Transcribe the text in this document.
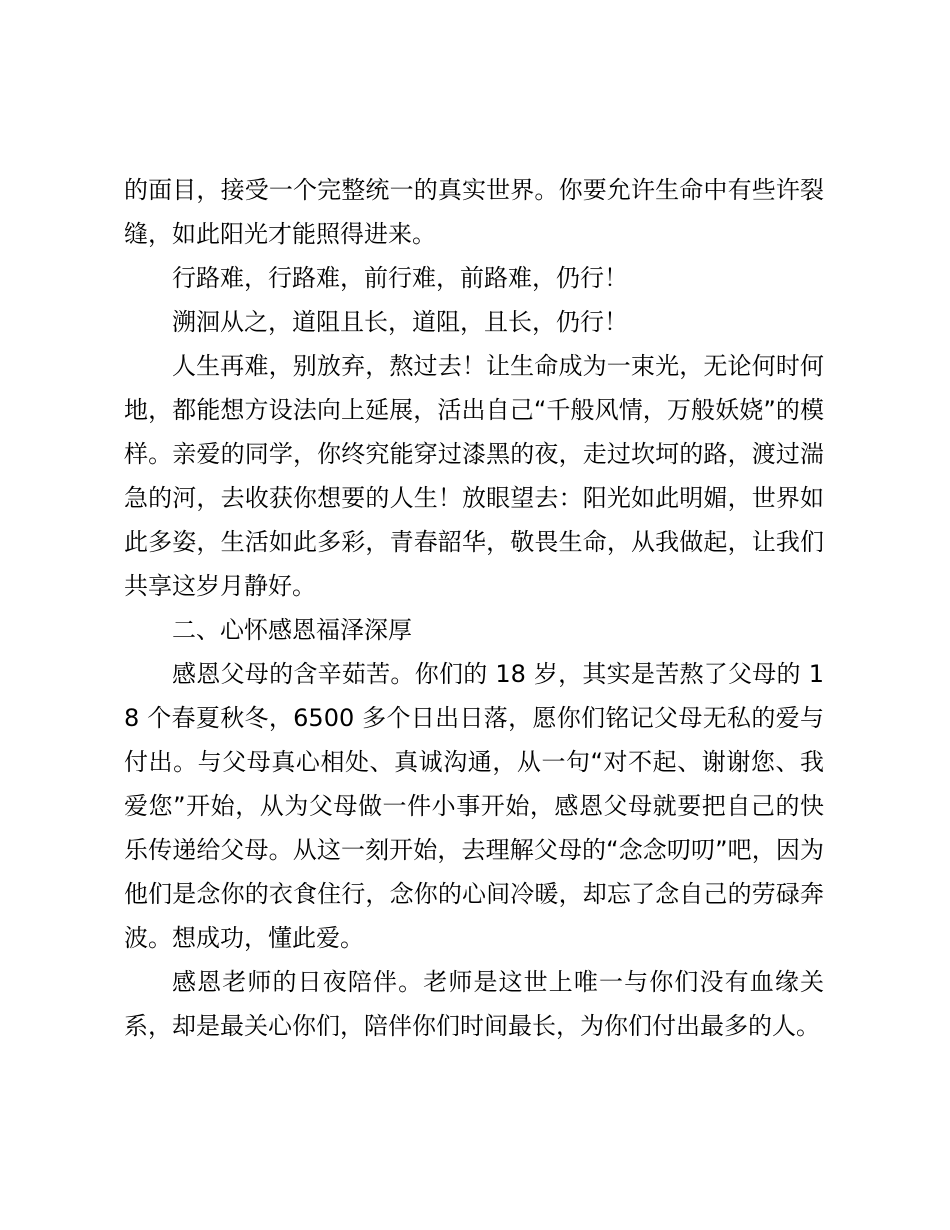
的面目，接受一个完整统一的真实世界。你要允许生命中有些许裂缝，如此阳光才能照得进来。

行路难，行路难，前行难，前路难，仍行！

溯洄从之，道阻且长，道阻，且长，仍行！

人生再难，别放弃，熬过去！让生命成为一束光，无论何时何地，都能想方设法向上延展，活出自己“千般风情，万般妖娆”的模样。亲爱的同学，你终究能穿过漆黑的夜，走过坎坷的路，渡过湍急的河，去收获你想要的人生！放眼望去：阳光如此明媚，世界如此多姿，生活如此多彩，青春韶华，敬畏生命，从我做起，让我们共享这岁月静好。

二、心怀感恩福泽深厚

感恩父母的含辛茹苦。你们的 18 岁，其实是苦熬了父母的 18 个春夏秋冬，6500 多个日出日落，愿你们铭记父母无私的爱与付出。与父母真心相处、真诚沟通，从一句“对不起、谢谢您、我爱您”开始，从为父母做一件小事开始，感恩父母就要把自己的快乐传递给父母。从这一刻开始，去理解父母的“念念叨叨”吧，因为他们是念你的衣食住行，念你的心间冷暖，却忘了念自己的劳碌奔波。想成功，懂此爱。

感恩老师的日夜陪伴。老师是这世上唯一与你们没有血缘关系，却是最关心你们，陪伴你们时间最长，为你们付出最多的人。
